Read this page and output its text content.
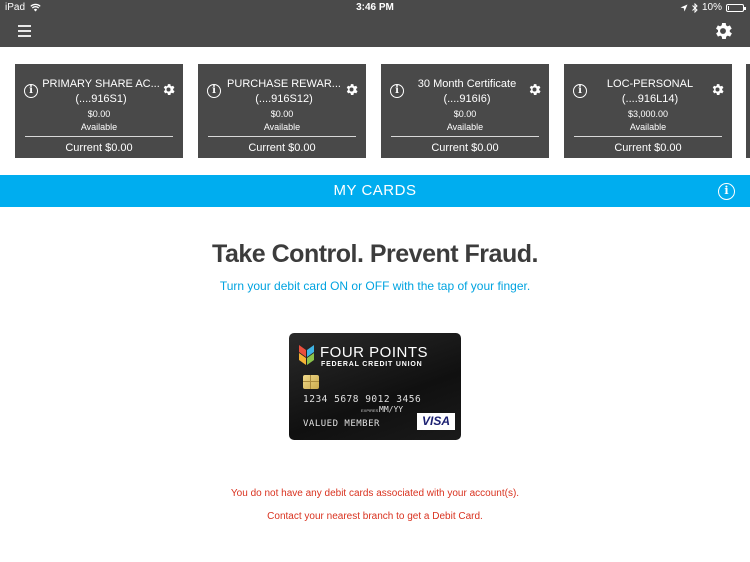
iPad	3:46 PM	10%
i
PRIMARY SHARE AC...
(....916S1)
$0.00
Available
Current $0.00
i
PURCHASE REWAR...
(....916S12)
$0.00
Available
Current $0.00
i
30 Month Certificate
(....916I6)
$0.00
Available
Current $0.00
i
LOC-PERSONAL
(....916L14)
$3,000.00
Available
Current $0.00
MY CARDS	i
Take Control. Prevent Fraud.
Turn your debit card ON or OFF with the tap of your finger.
FOUR POINTS
FEDERAL CREDIT UNION
1234 5678 9012 3456
EXPIRES MM/YY
VALUED MEMBER	VISA
You do not have any debit cards associated with your account(s).
Contact your nearest branch to get a Debit Card.
